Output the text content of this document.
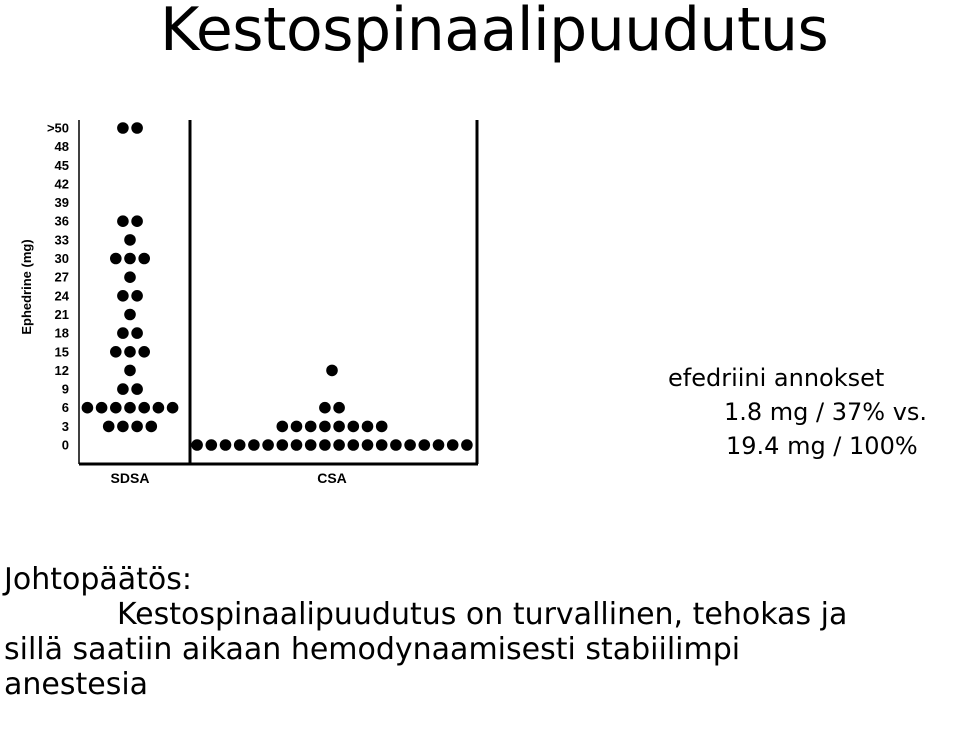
Kestospinaalipuudutus
0
3
6
9
12
15
18
21
24
27
30
33
36
39
42
45
48
>50
SDSA	CSA
Ephedrine (mg)
efedriini annokset
1.8 mg / 37% vs.
19.4 mg / 100%
Johtopäätös:
Kestospinaalipuudutus on turvallinen, tehokas ja
sillä saatiin aikaan hemodynaamisesti stabiilimpi
anestesia
